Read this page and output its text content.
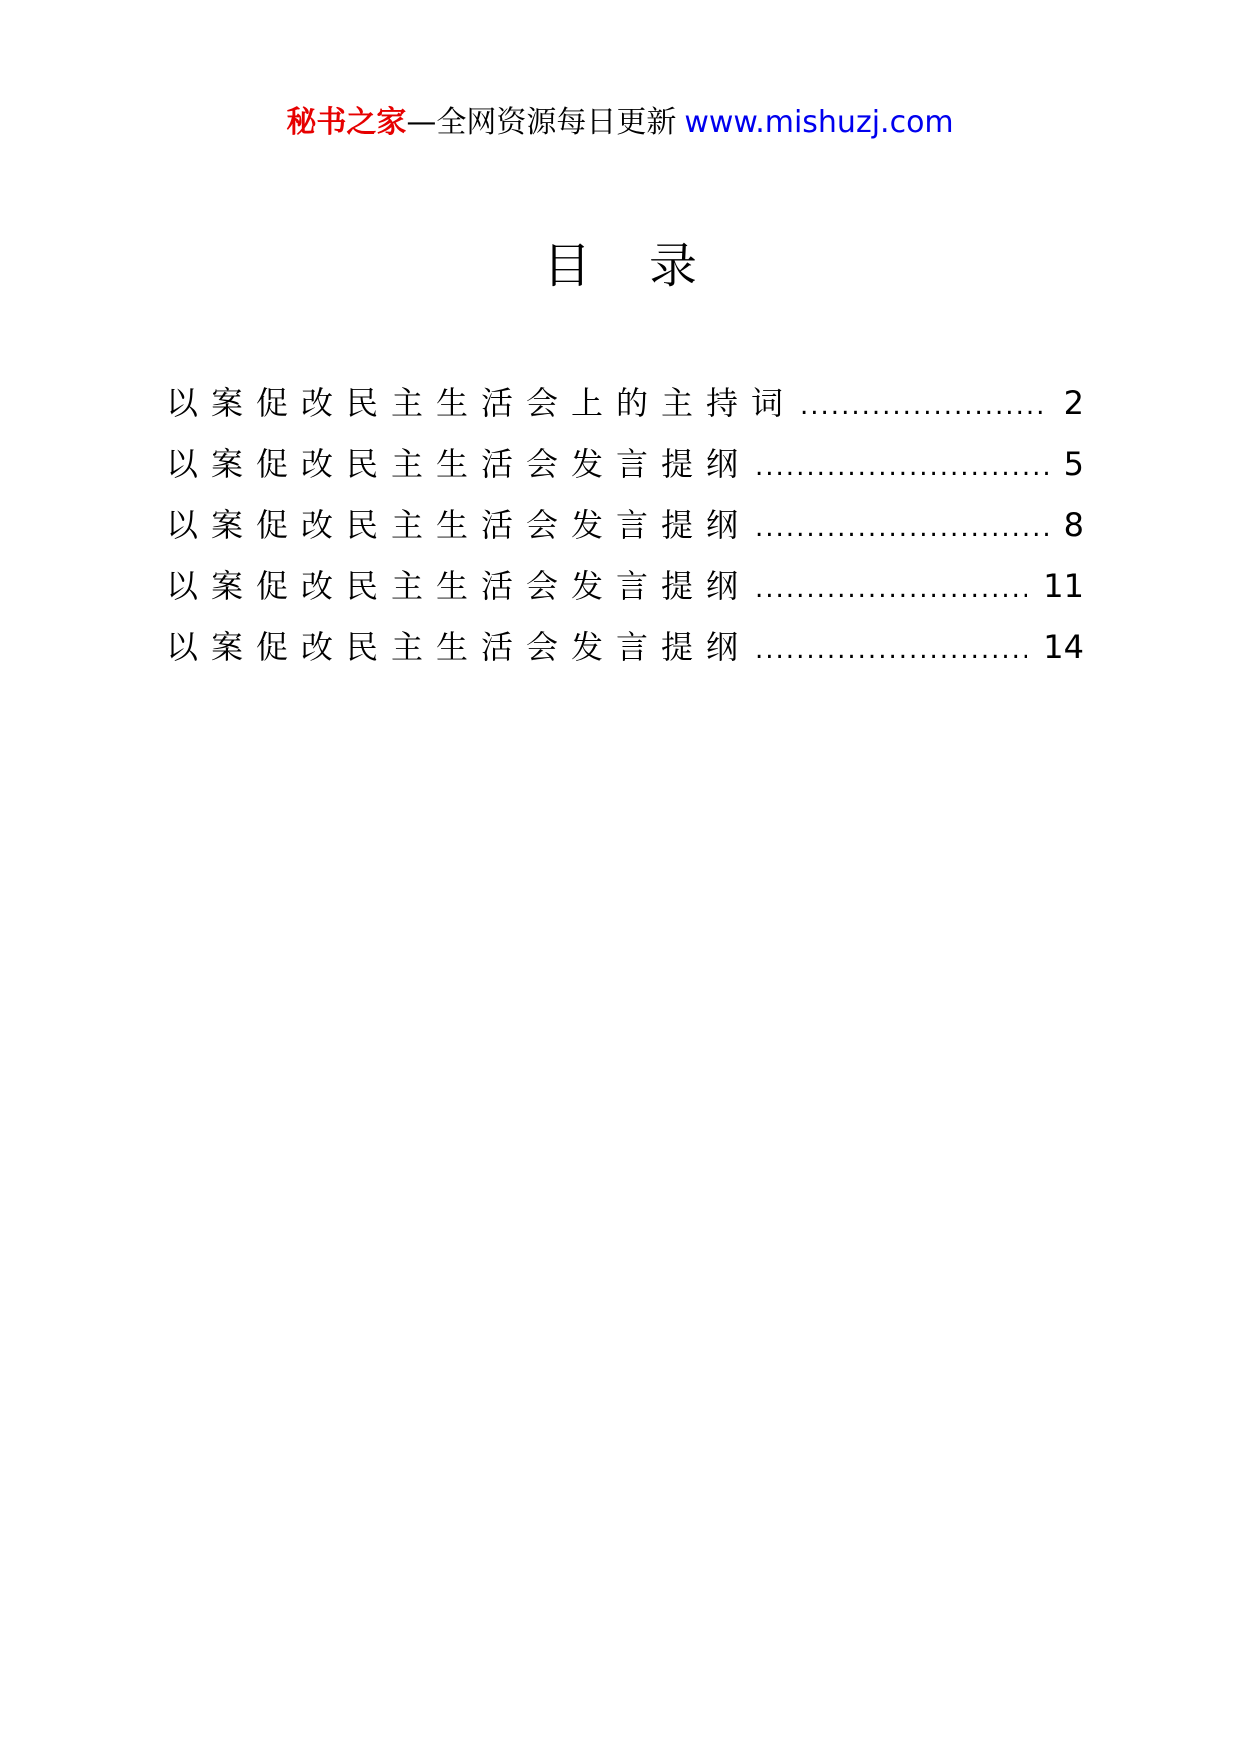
秘书之家—全网资源每日更新 www.mishuzj.com
目录
以案促改民主生活会上的主持词 .....	2
以案促改民主生活会发言提纲 .....	5
以案促改民主生活会发言提纲 .....	8
以案促改民主生活会发言提纲 .....	11
以案促改民主生活会发言提纲 .....	14
